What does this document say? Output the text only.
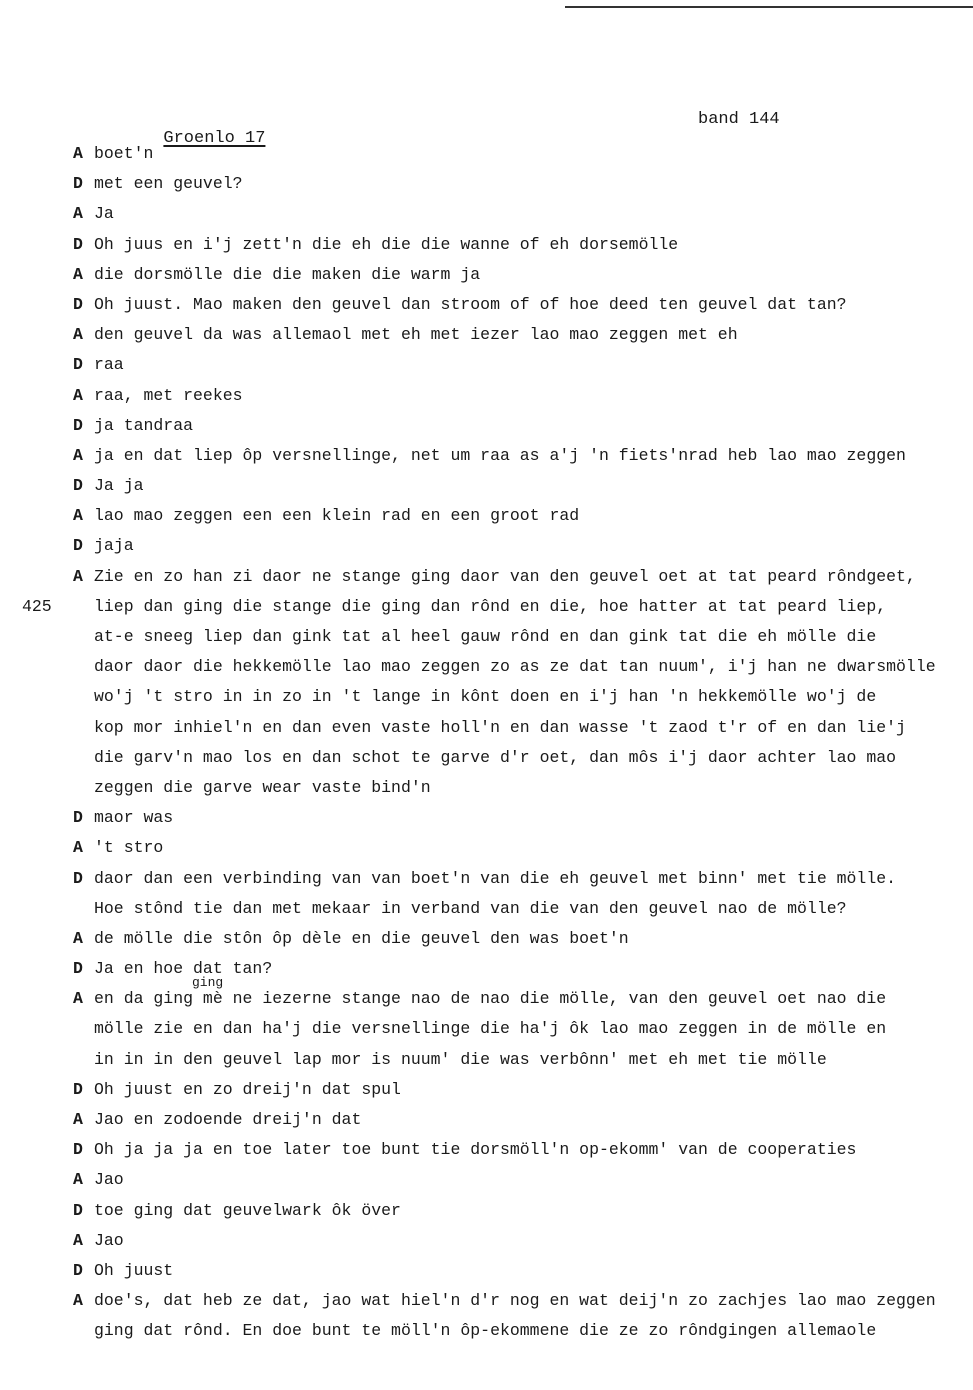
Groenlo 17

band 144
A boet'n
D met een geuvel?
A Ja
D Oh juus en i'j zett'n die eh die die wanne of eh dorsemölle
A die dorsmölle die die maken die warm ja
D Oh juust. Mao maken den geuvel dan stroom of of hoe deed ten geuvel dat tan?
A den geuvel da was allemaol met eh met iezer lao mao zeggen met eh
D raa
A raa, met reekes
D ja tandraa
A ja en dat liep ôp versnellinge, net um raa as a'j 'n fiets'nrad heb lao mao zeggen
D Ja ja
A lao mao zeggen een een klein rad en een groot rad
D jaja
A Zie en zo han zi daor ne stange ging daor van den geuvel oet at tat peard rôndgeet,
425	liep dan ging die stange die ging dan rônd en die, hoe hatter at tat peard liep,
at-e sneeg liep dan gink tat al heel gauw rônd en dan gink tat die eh mölle die
daor daor die hekkemölle lao mao zeggen zo as ze dat tan nuum', i'j han ne dwarsmölle
wo'j 't stro in in zo in 't lange in kônt doen en i'j han 'n hekkemölle wo'j de
kop mor inhiel'n en dan even vaste holl'n en dan wasse 't zaod t'r of en dan lie'j
die garv'n mao los en dan schot te garve d'r oet, dan môs i'j daor achter lao mao
zeggen die garve wear vaste bind'n
D maor was
A 't stro
D daor dan een verbinding van van boet'n van die eh geuvel met binn' met tie mölle.
Hoe stônd tie dan met mekaar in verband van die van den geuvel nao de mölle?
A de mölle die stôn ôp dèle en die geuvel den was boet'n
D Ja en hoe dat tan?
ging
A en da ging mè ne iezerne stange nao de nao die mölle, van den geuvel oet nao die
mölle zie en dan ha'j die versnellinge die ha'j ôk lao mao zeggen in de mölle en
in in in den geuvel lap mor is nuum' die was verbônn' met eh met tie mölle
D Oh juust en zo dreij'n dat spul
A Jao en zodoende dreij'n dat
D Oh ja ja ja en toe later toe bunt tie dorsmöll'n op-ekomm' van de cooperaties
A Jao
D toe ging dat geuvelwark ôk över
A Jao
D Oh juust
A doe's, dat heb ze dat, jao wat hiel'n d'r nog en wat deij'n zo zachjes lao mao zeggen
ging dat rônd. En doe bunt te möll'n ôp-ekommene die ze zo rôndgingen allemaole
